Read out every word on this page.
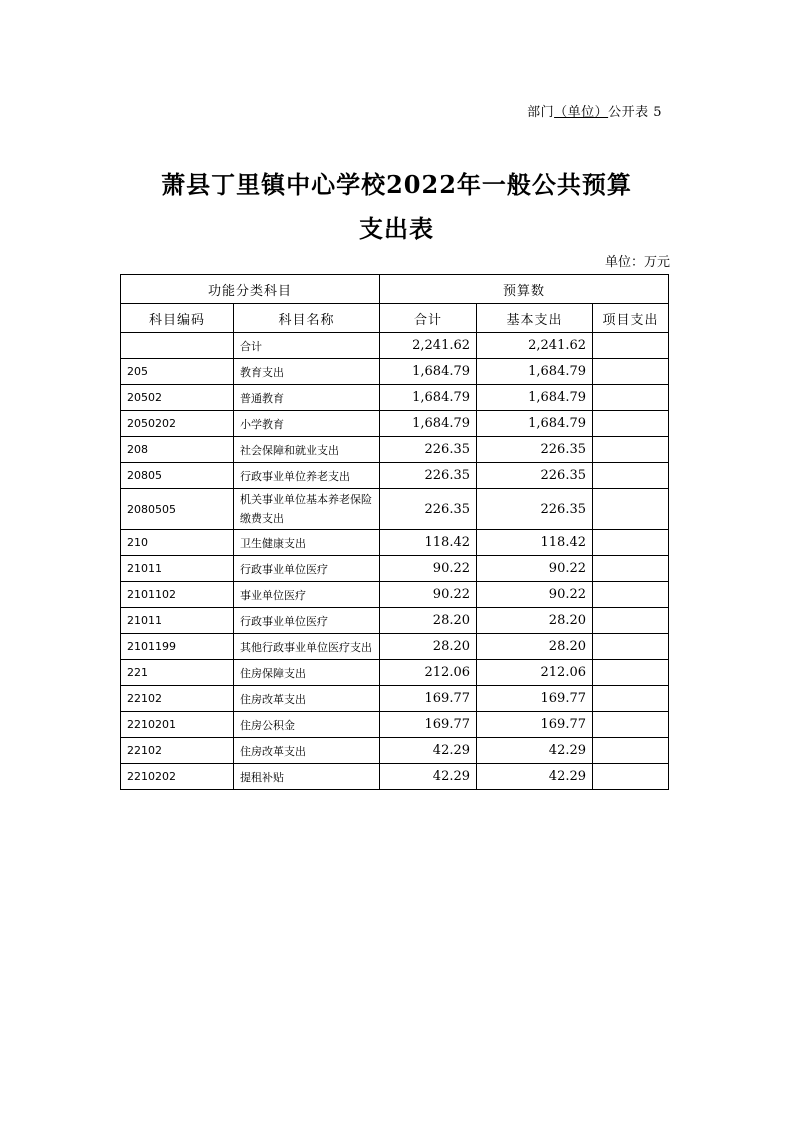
部门（单位）公开表 5
萧县丁里镇中心学校2022年一般公共预算
支出表
单位：万元
功能分类科目		预算数		
科目编码	科目名称	合计	基本支出	项目支出
	合计	2,241.62	2,241.62	
205	教育支出	1,684.79	1,684.79	
20502	普通教育	1,684.79	1,684.79	
2050202	小学教育	1,684.79	1,684.79	
208	社会保障和就业支出	226.35	226.35	
20805	行政事业单位养老支出	226.35	226.35	
2080505	机关事业单位基本养老保险缴费支出	226.35	226.35	
210	卫生健康支出	118.42	118.42	
21011	行政事业单位医疗	90.22	90.22	
2101102	事业单位医疗	90.22	90.22	
21011	行政事业单位医疗	28.20	28.20	
2101199	其他行政事业单位医疗支出	28.20	28.20	
221	住房保障支出	212.06	212.06	
22102	住房改革支出	169.77	169.77	
2210201	住房公积金	169.77	169.77	
22102	住房改革支出	42.29	42.29	
2210202	提租补贴	42.29	42.29	
